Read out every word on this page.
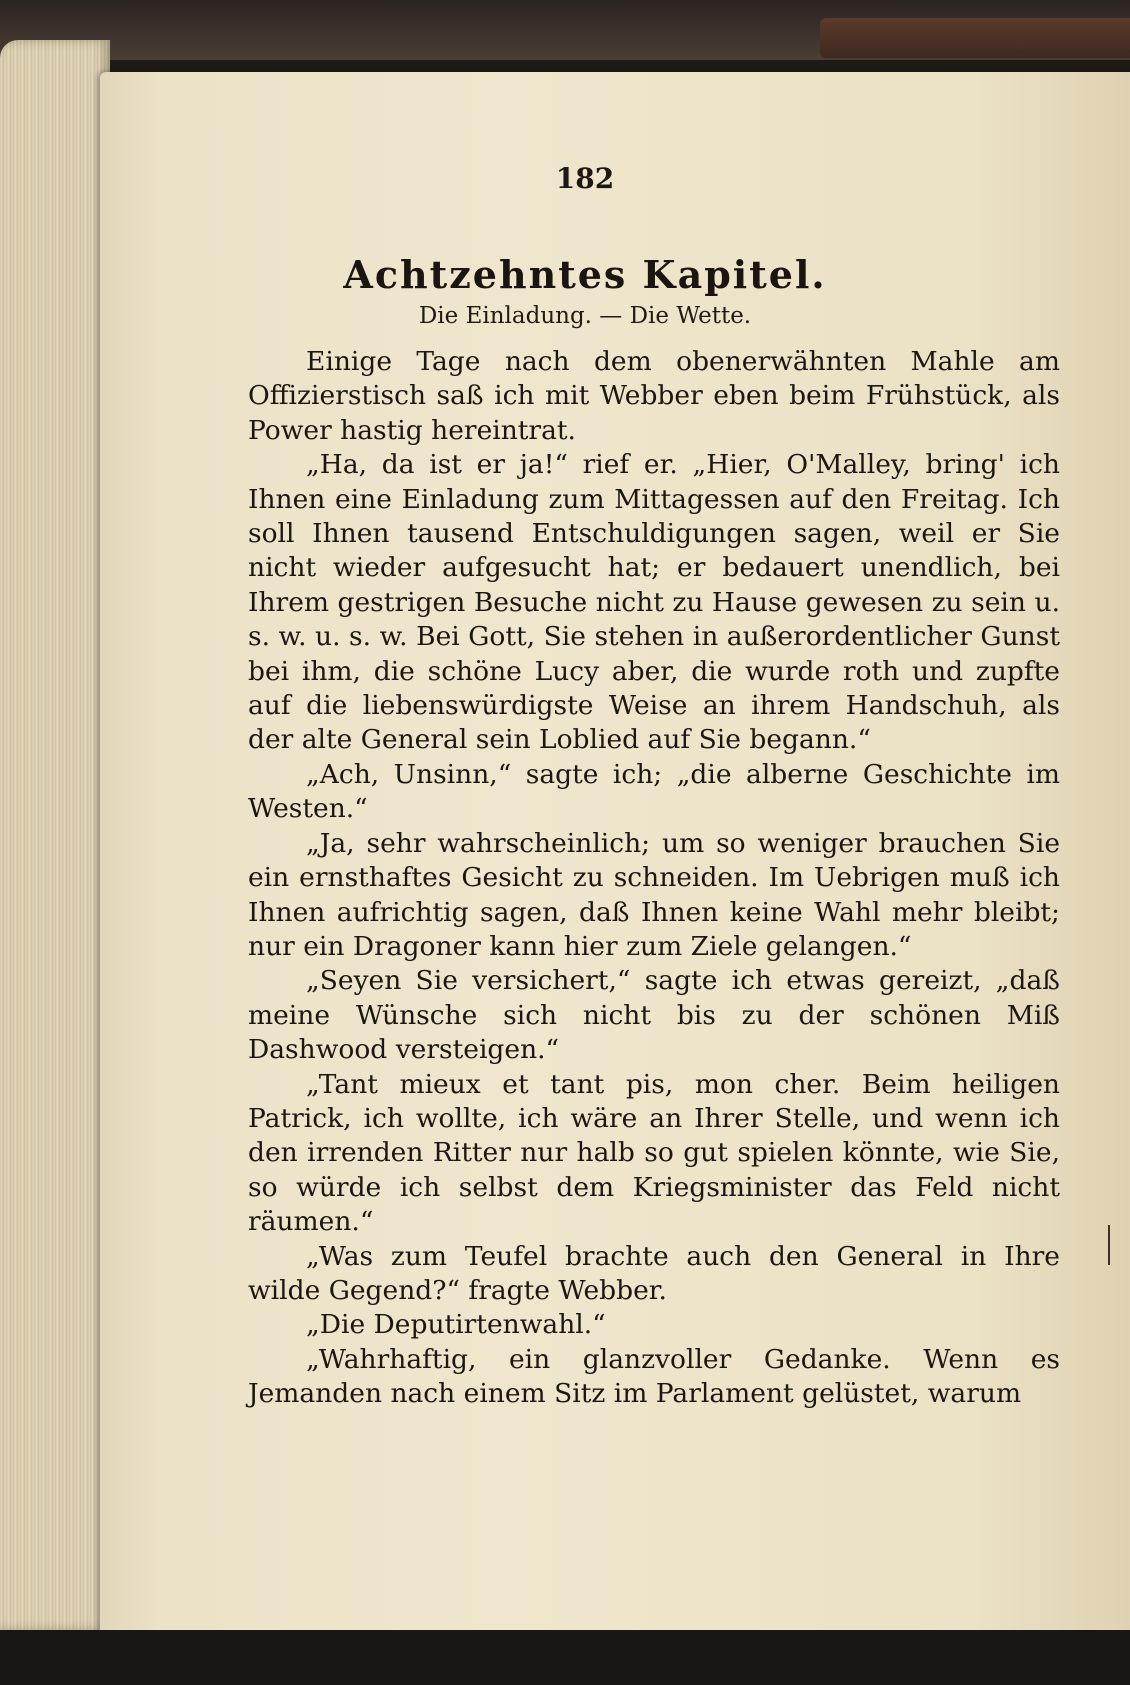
182
Achtzehntes Kapitel.
Die Einladung. — Die Wette.

Einige Tage nach dem obenerwähnten Mahle am Offizierstisch saß ich mit Webber eben beim Frühstück, als Power hastig hereintrat.

„Ha, da ist er ja!“ rief er. „Hier, O'Malley, bring' ich Ihnen eine Einladung zum Mittagessen auf den Freitag. Ich soll Ihnen tausend Entschuldigungen sagen, weil er Sie nicht wieder aufgesucht hat; er bedauert unendlich, bei Ihrem gestrigen Besuche nicht zu Hause gewesen zu sein u. s. w. u. s. w. Bei Gott, Sie stehen in außerordentlicher Gunst bei ihm, die schöne Lucy aber, die wurde roth und zupfte auf die liebenswürdigste Weise an ihrem Handschuh, als der alte General sein Loblied auf Sie begann.“

„Ach, Unsinn,“ sagte ich; „die alberne Geschichte im Westen.“

„Ja, sehr wahrscheinlich; um so weniger brauchen Sie ein ernsthaftes Gesicht zu schneiden. Im Uebrigen muß ich Ihnen aufrichtig sagen, daß Ihnen keine Wahl mehr bleibt; nur ein Dragoner kann hier zum Ziele gelangen.“

„Seyen Sie versichert,“ sagte ich etwas gereizt, „daß meine Wünsche sich nicht bis zu der schönen Miß Dashwood versteigen.“

„Tant mieux et tant pis, mon cher. Beim heiligen Patrick, ich wollte, ich wäre an Ihrer Stelle, und wenn ich den irrenden Ritter nur halb so gut spielen könnte, wie Sie, so würde ich selbst dem Kriegsminister das Feld nicht räumen.“

„Was zum Teufel brachte auch den General in Ihre wilde Gegend?“ fragte Webber.

„Die Deputirtenwahl.“

„Wahrhaftig, ein glanzvoller Gedanke. Wenn es Jemanden nach einem Sitz im Parlament gelüstet, warum
